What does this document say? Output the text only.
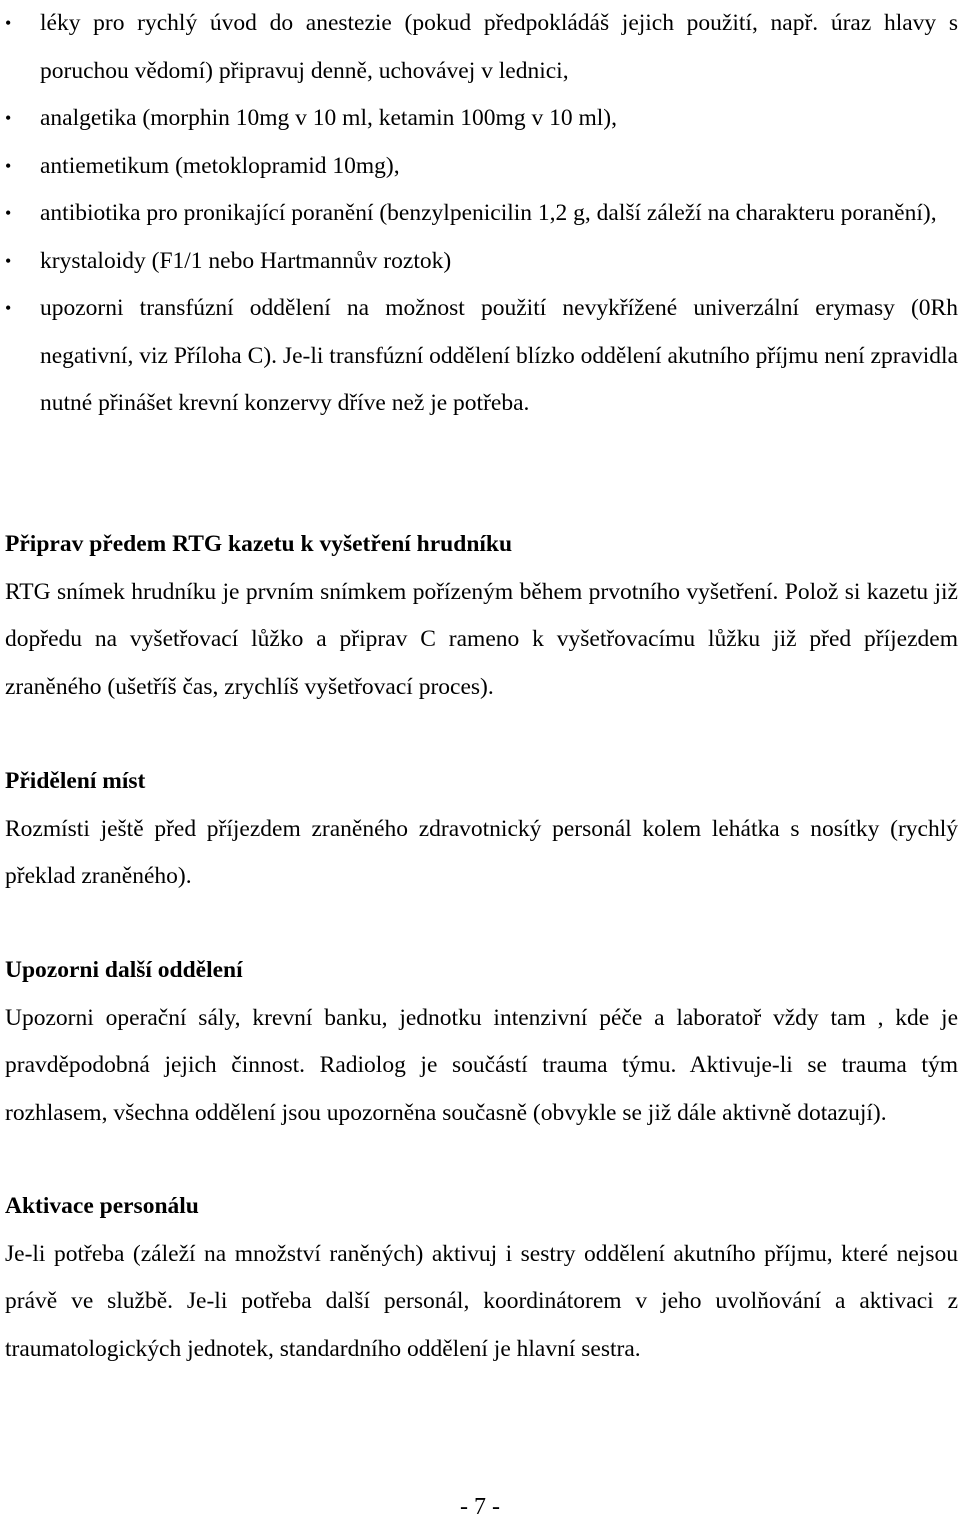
• léky pro rychlý úvod do anestezie (pokud předpokládáš jejich použití, např. úraz hlavy s poruchou vědomí) připravuj denně, uchovávej v lednici,
• analgetika (morphin 10mg v 10 ml, ketamin 100mg v 10 ml),
• antiemetikum (metoklopramid 10mg),
• antibiotika pro pronikající poranění (benzylpenicilin 1,2 g, další záleží na charakteru poranění),
• krystaloidy (F1/1 nebo Hartmannův roztok)
• upozorni transfúzní oddělení na možnost použití nevykřížené univerzální erymasy (0Rh negativní, viz Příloha C). Je-li transfúzní oddělení blízko oddělení akutního příjmu není zpravidla nutné přinášet krevní konzervy dříve než je potřeba.
Připrav předem RTG kazetu k vyšetření hrudníku

RTG snímek hrudníku je prvním snímkem pořízeným během prvotního vyšetření. Polož si kazetu již dopředu na vyšetřovací lůžko a připrav C rameno k vyšetřovacímu lůžku již před příjezdem zraněného (ušetříš čas, zrychlíš vyšetřovací proces).

Přidělení míst

Rozmísti ještě před příjezdem zraněného zdravotnický personál kolem lehátka s nosítky (rychlý překlad zraněného).

Upozorni další oddělení

Upozorni operační sály, krevní banku, jednotku intenzivní péče a laboratoř vždy tam , kde je pravděpodobná jejich činnost. Radiolog je součástí trauma týmu. Aktivuje-li se trauma tým rozhlasem, všechna oddělení jsou upozorněna současně (obvykle se již dále aktivně dotazují).

Aktivace personálu

Je-li potřeba (záleží na množství raněných) aktivuj i sestry oddělení akutního příjmu, které nejsou právě ve službě. Je-li potřeba další personál, koordinátorem v jeho uvolňování a aktivaci z traumatologických jednotek, standardního oddělení je hlavní sestra.

- 7 -
